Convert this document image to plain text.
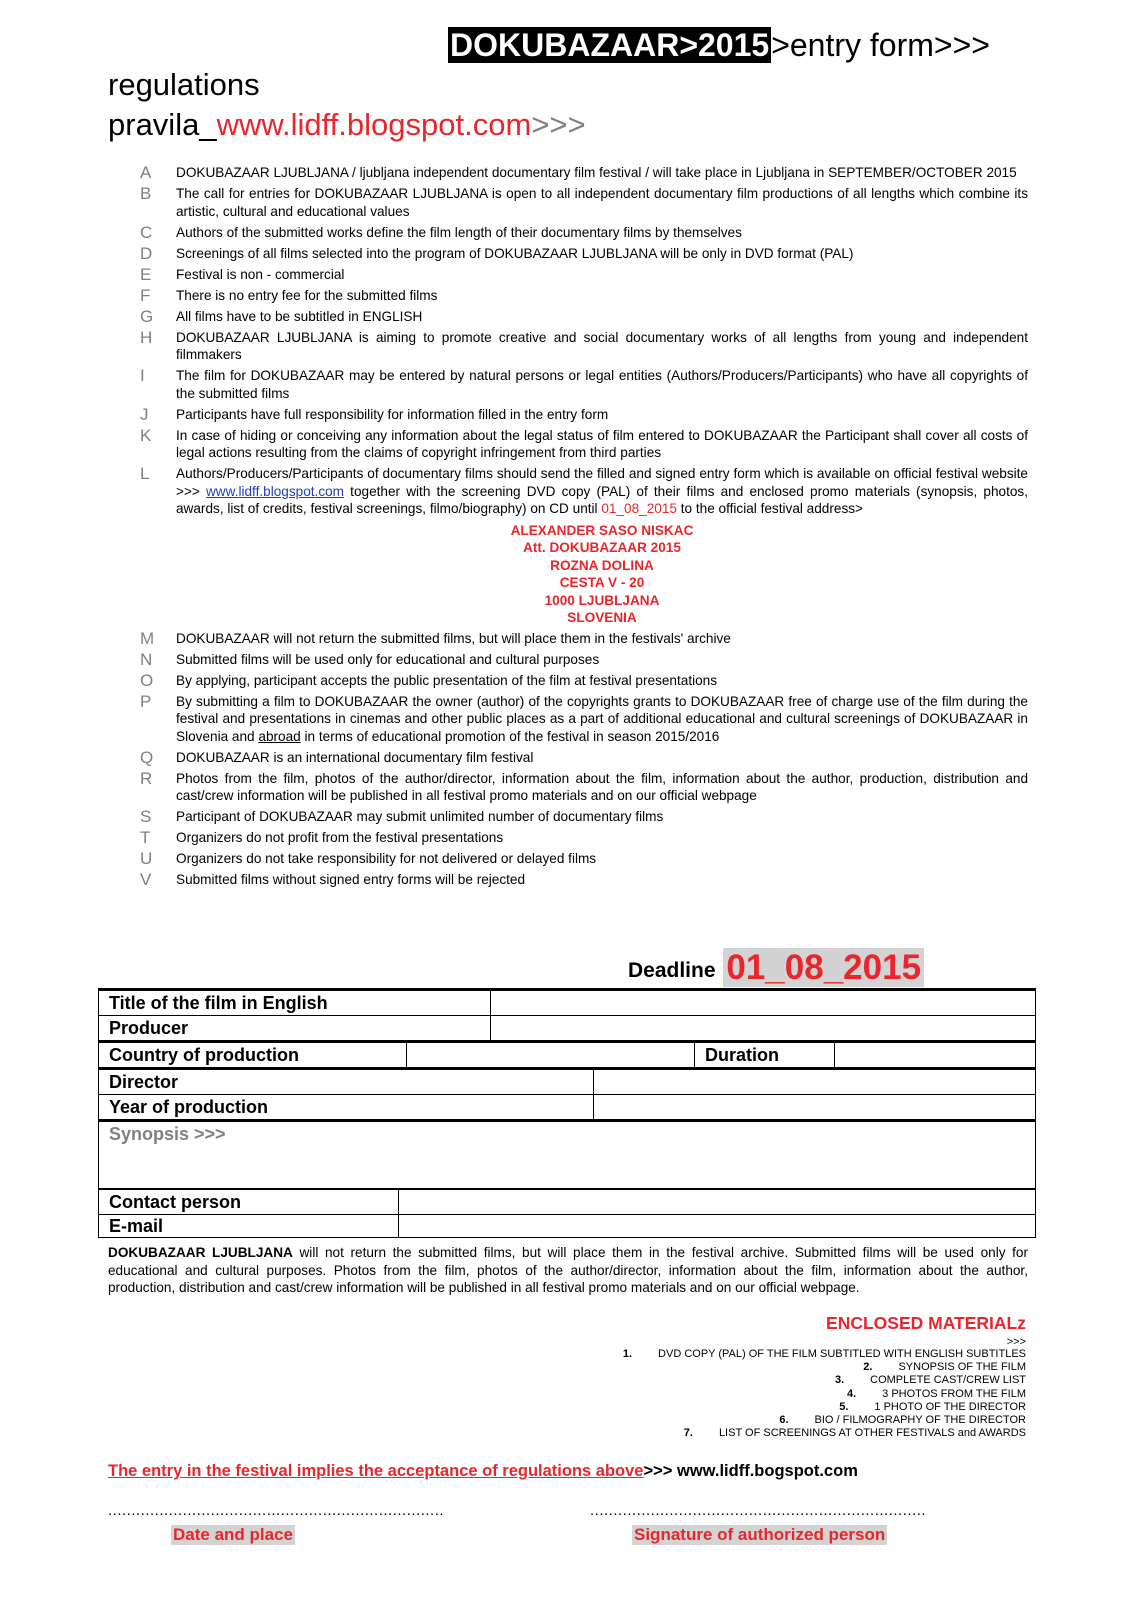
DOKUBAZAAR>2015>entry form>>>
regulations
pravila_www.lidff.blogspot.com>>>
A	DOKUBAZAAR LJUBLJANA / ljubljana independent documentary film festival / will take place in Ljubljana in SEPTEMBER/OCTOBER 2015
B	The call for entries for DOKUBAZAAR LJUBLJANA is open to all independent documentary film productions of all lengths which combine its artistic, cultural and educational values
C	Authors of the submitted works define the film length of their documentary films by themselves
D	Screenings of all films selected into the program of DOKUBAZAAR LJUBLJANA will be only in DVD format (PAL)
E	Festival is non - commercial
F	There is no entry fee for the submitted films
G	All films have to be subtitled in ENGLISH
H	DOKUBAZAAR LJUBLJANA is aiming to promote creative and social documentary works of all lengths from young and independent filmmakers
I	The film for DOKUBAZAAR may be entered by natural persons or legal entities (Authors/Producers/Participants) who have all copyrights of the submitted films
J	Participants have full responsibility for information filled in the entry form
K	In case of hiding or conceiving any information about the legal status of film entered to DOKUBAZAAR the Participant shall cover all costs of legal actions resulting from the claims of copyright infringement from third parties
L	Authors/Producers/Participants of documentary films should send the filled and signed entry form which is available on official festival website >>> www.lidff.blogspot.com together with the screening DVD copy (PAL) of their films and enclosed promo materials (synopsis, photos, awards, list of credits, festival screenings, filmo/biography) on CD until 01_08_2015 to the official festival address>
ALEXANDER SASO NISKAC
Att. DOKUBAZAAR 2015
ROZNA DOLINA
CESTA V - 20
1000 LJUBLJANA
SLOVENIA
M	DOKUBAZAAR will not return the submitted films, but will place them in the festivals' archive
N	Submitted films will be used only for educational and cultural purposes
O	By applying, participant accepts the public presentation of the film at festival presentations
P	By submitting a film to DOKUBAZAAR the owner (author) of the copyrights grants to DOKUBAZAAR free of charge use of the film during the festival and presentations in cinemas and other public places as a part of additional educational and cultural screenings of DOKUBAZAAR in Slovenia and abroad in terms of educational promotion of the festival in season 2015/2016
Q	DOKUBAZAAR is an international documentary film festival
R	Photos from the film, photos of the author/director, information about the film, information about the author, production, distribution and cast/crew information will be published in all festival promo materials and on our official webpage
S	Participant of DOKUBAZAAR may submit unlimited number of documentary films
T	Organizers do not profit from the festival presentations
U	Organizers do not take responsibility for not delivered or delayed films
V	Submitted films without signed entry forms will be rejected
Deadline 01_08_2015
Title of the film in English
Producer
Country of production	Duration
Director
Year of production
Synopsis >>>
Contact person
E-mail
DOKUBAZAAR LJUBLJANA will not return the submitted films, but will place them in the festival archive. Submitted films will be used only for educational and cultural purposes. Photos from the film, photos of the author/director, information about the film, information about the author, production, distribution and cast/crew information will be published in all festival promo materials and on our official webpage.
ENCLOSED MATERIALz
>>>
1. DVD COPY (PAL) OF THE FILM SUBTITLED WITH ENGLISH SUBTITLES
2. SYNOPSIS OF THE FILM
3. COMPLETE CAST/CREW LIST
4. 3 PHOTOS FROM THE FILM
5. 1 PHOTO OF THE DIRECTOR
6. BIO / FILMOGRAPHY OF THE DIRECTOR
7. LIST OF SCREENINGS AT OTHER FESTIVALS and AWARDS
The entry in the festival implies the acceptance of regulations above>>> www.lidff.bogspot.com
........................................................................	........................................................................
Date and place	Signature of authorized person
